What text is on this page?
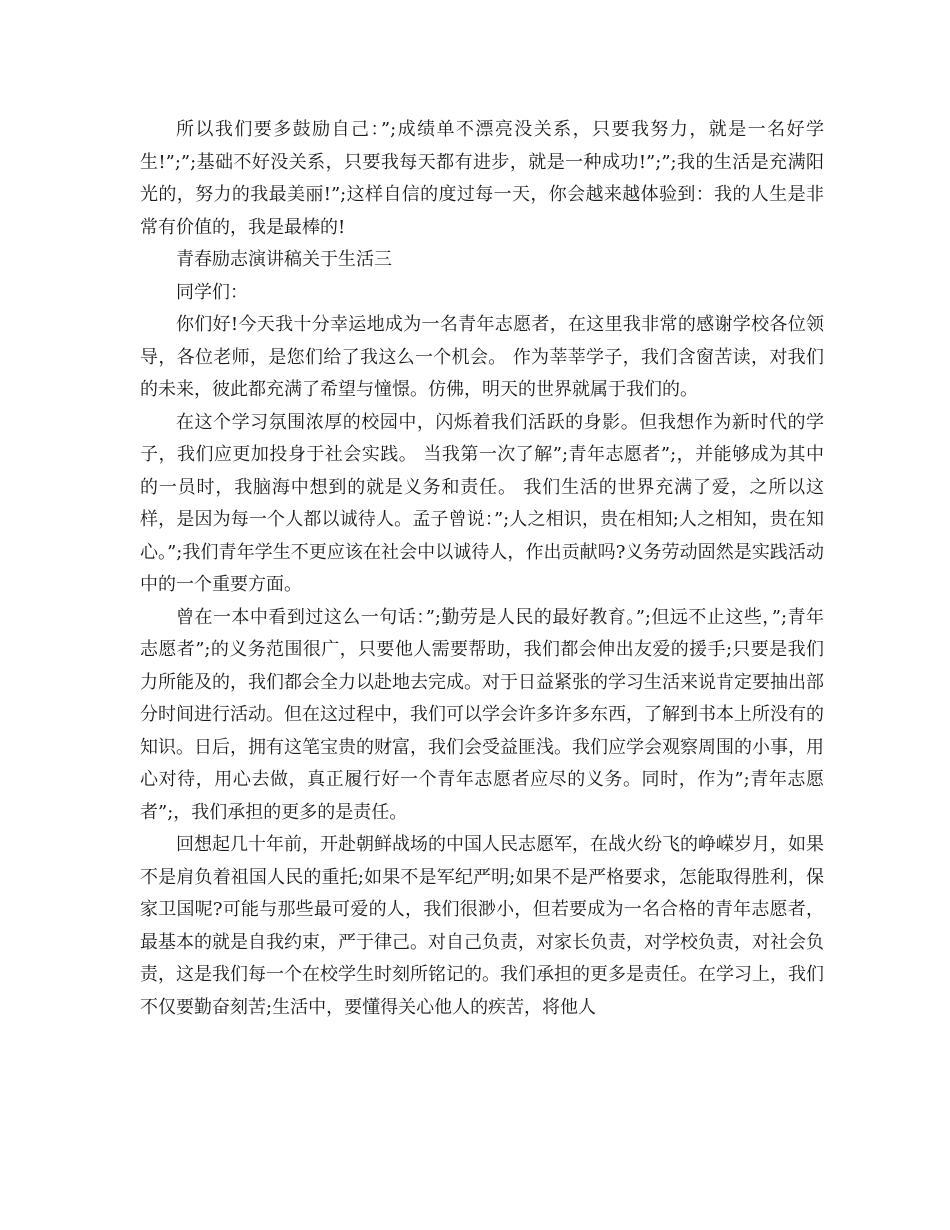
所以我们要多鼓励自己：”;成绩单不漂亮没关系，只要我努力，就是一名好学生!”;”;基础不好没关系，只要我每天都有进步，就是一种成功!”;”;我的生活是充满阳光的，努力的我最美丽!”;这样自信的度过每一天，你会越来越体验到：我的人生是非常有价值的，我是最棒的!

青春励志演讲稿关于生活三

同学们：

你们好!今天我十分幸运地成为一名青年志愿者，在这里我非常的感谢学校各位领导，各位老师，是您们给了我这么一个机会。 作为莘莘学子，我们含窗苦读，对我们的未来，彼此都充满了希望与憧憬。仿佛，明天的世界就属于我们的。

在这个学习氛围浓厚的校园中，闪烁着我们活跃的身影。但我想作为新时代的学子，我们应更加投身于社会实践。 当我第一次了解”;青年志愿者”;，并能够成为其中的一员时，我脑海中想到的就是义务和责任。 我们生活的世界充满了爱，之所以这样，是因为每一个人都以诚待人。孟子曾说：”;人之相识，贵在相知;人之相知，贵在知心。”;我们青年学生不更应该在社会中以诚待人，作出贡献吗?义务劳动固然是实践活动中的一个重要方面。

曾在一本中看到过这么一句话：”;勤劳是人民的最好教育。”;但远不止这些，”;青年志愿者”;的义务范围很广，只要他人需要帮助，我们都会伸出友爱的援手;只要是我们力所能及的，我们都会全力以赴地去完成。对于日益紧张的学习生活来说肯定要抽出部分时间进行活动。但在这过程中，我们可以学会许多许多东西，了解到书本上所没有的知识。日后，拥有这笔宝贵的财富，我们会受益匪浅。我们应学会观察周围的小事，用心对待，用心去做，真正履行好一个青年志愿者应尽的义务。同时，作为”;青年志愿者”;，我们承担的更多的是责任。

回想起几十年前，开赴朝鲜战场的中国人民志愿军，在战火纷飞的峥嵘岁月，如果不是肩负着祖国人民的重托;如果不是军纪严明;如果不是严格要求，怎能取得胜利，保家卫国呢?可能与那些最可爱的人，我们很渺小，但若要成为一名合格的青年志愿者，最基本的就是自我约束，严于律己。对自己负责，对家长负责，对学校负责，对社会负责，这是我们每一个在校学生时刻所铭记的。我们承担的更多是责任。在学习上，我们不仅要勤奋刻苦;生活中，要懂得关心他人的疾苦，将他人
